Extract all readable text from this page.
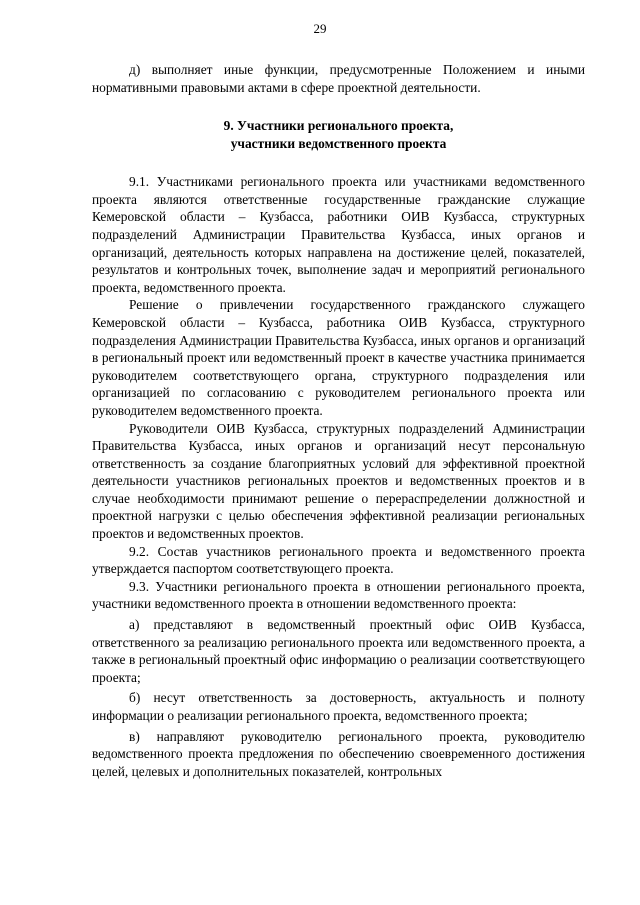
29

д) выполняет иные функции, предусмотренные Положением и иными нормативными правовыми актами в сфере проектной деятельности.

9. Участники регионального проекта,
участники ведомственного проекта

9.1. Участниками регионального проекта или участниками ведомственного проекта являются ответственные государственные гражданские служащие Кемеровской области – Кузбасса, работники ОИВ Кузбасса, структурных подразделений Администрации Правительства Кузбасса, иных органов и организаций, деятельность которых направлена на достижение целей, показателей, результатов и контрольных точек, выполнение задач и мероприятий регионального проекта, ведомственного проекта.

Решение о привлечении государственного гражданского служащего Кемеровской области – Кузбасса, работника ОИВ Кузбасса, структурного подразделения Администрации Правительства Кузбасса, иных органов и организаций в региональный проект или ведомственный проект в качестве участника принимается руководителем соответствующего органа, структурного подразделения или организацией по согласованию с руководителем регионального проекта или руководителем ведомственного проекта.

Руководители ОИВ Кузбасса, структурных подразделений Администрации Правительства Кузбасса, иных органов и организаций несут персональную ответственность за создание благоприятных условий для эффективной проектной деятельности участников региональных проектов и ведомственных проектов и в случае необходимости принимают решение о перераспределении должностной и проектной нагрузки с целью обеспечения эффективной реализации региональных проектов и ведомственных проектов.

9.2. Состав участников регионального проекта и ведомственного проекта утверждается паспортом соответствующего проекта.

9.3. Участники регионального проекта в отношении регионального проекта, участники ведомственного проекта в отношении ведомственного проекта:

а) представляют в ведомственный проектный офис ОИВ Кузбасса, ответственного за реализацию регионального проекта или ведомственного проекта, а также в региональный проектный офис информацию о реализации соответствующего проекта;

б) несут ответственность за достоверность, актуальность и полноту информации о реализации регионального проекта, ведомственного проекта;

в) направляют руководителю регионального проекта, руководителю ведомственного проекта предложения по обеспечению своевременного достижения целей, целевых и дополнительных показателей, контрольных
